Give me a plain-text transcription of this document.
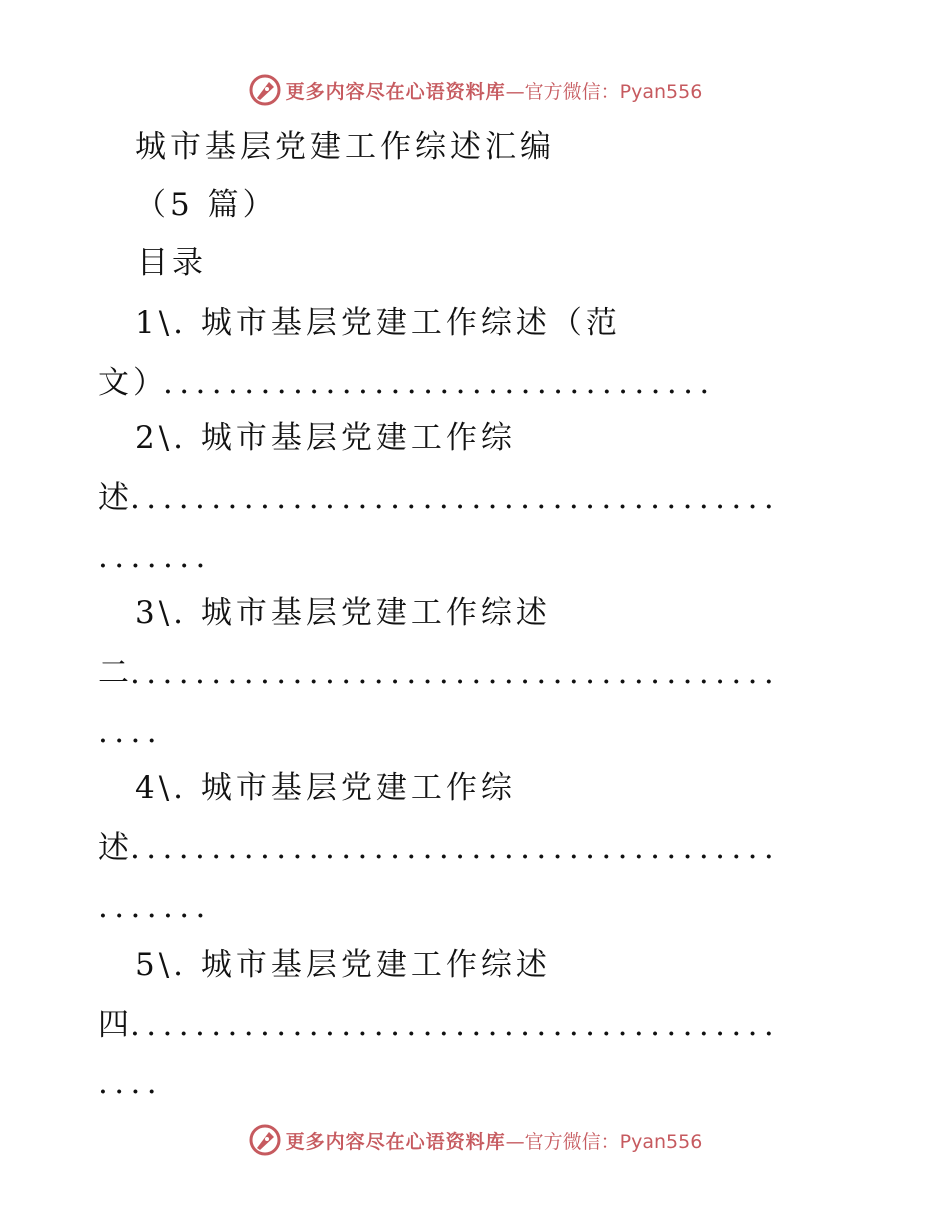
更多内容尽在心语资料库 —官方微信：Pyan556
城市基层党建工作综述汇编
（5 篇）
目录
1\. 城市基层党建工作综述（范
文）
..................................
2\. 城市基层党建工作综
述
........................................
.......
3\. 城市基层党建工作综述
二
........................................
....
4\. 城市基层党建工作综
述
........................................
.......
5\. 城市基层党建工作综述
四
........................................
....
更多内容尽在心语资料库 —官方微信：Pyan556
